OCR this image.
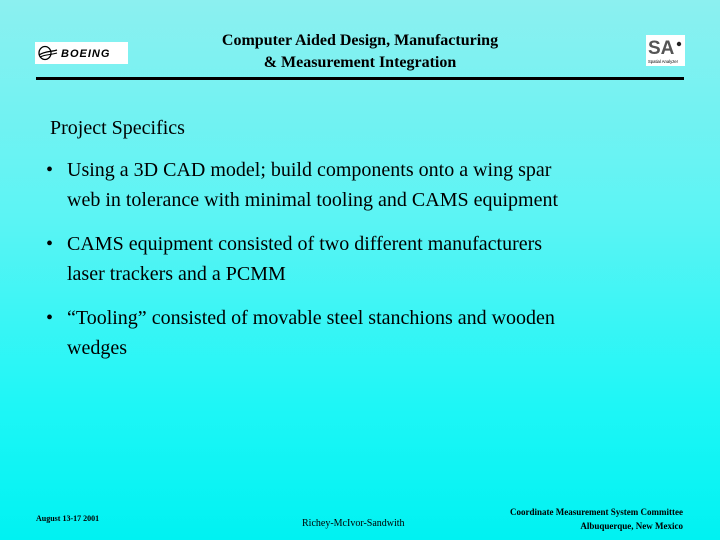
BOEING
Computer Aided Design, Manufacturing
& Measurement Integration
SA
Spatial Analyzer
Project Specifics
• Using a 3D CAD model; build components onto a wing spar
web in tolerance with minimal tooling and CAMS equipment
• CAMS equipment consisted of two different manufacturers
laser trackers and a PCMM
• “Tooling” consisted of movable steel stanchions and wooden
wedges
August 13-17 2001	Richey-McIvor-Sandwith
Coordinate Measurement System Committee
Albuquerque, New Mexico
